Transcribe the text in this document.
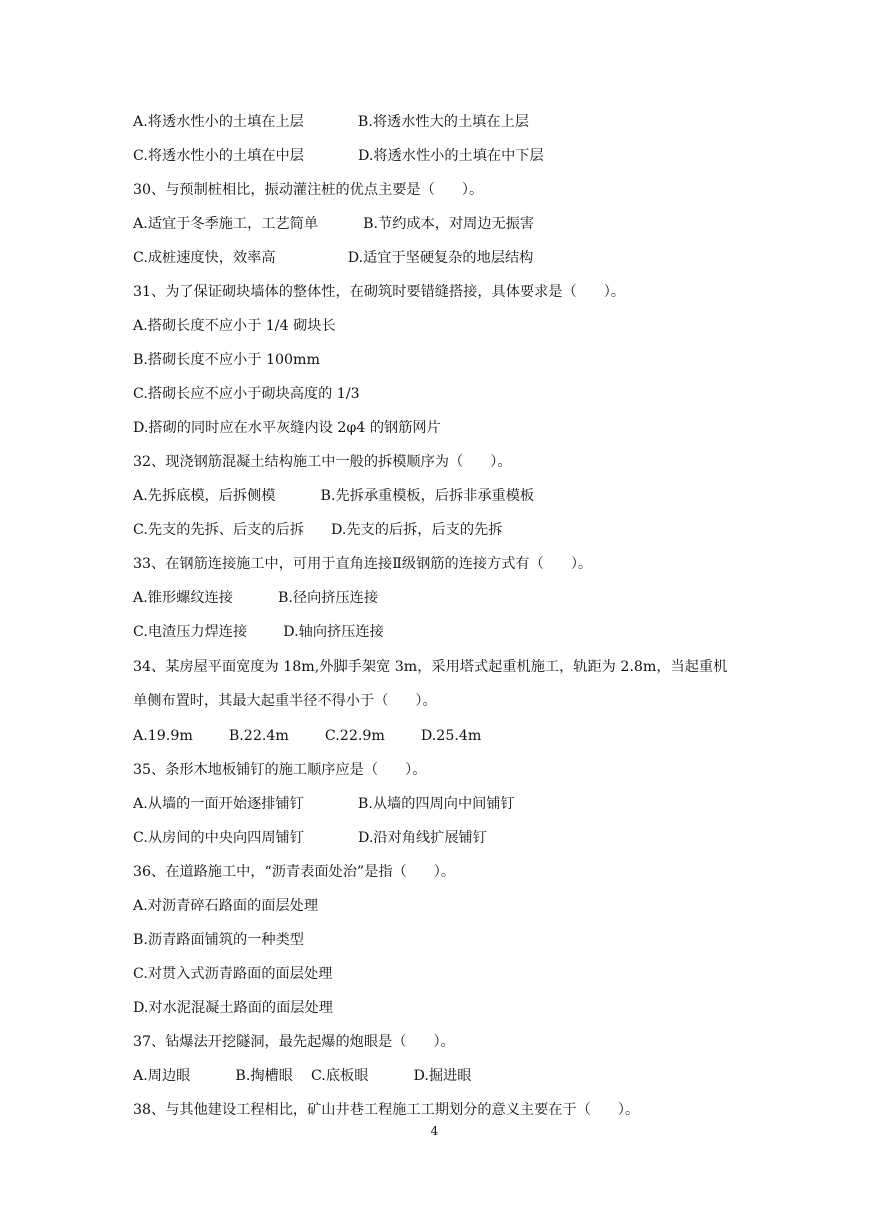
A.将透水性小的土填在上层            B.将透水性大的土填在上层

C.将透水性小的土填在中层            D.将透水性小的土填在中下层

30、与预制桩相比，振动灌注桩的优点主要是（      ）。

A.适宜于冬季施工，工艺简单          B.节约成本，对周边无振害

C.成桩速度快，效率高                D.适宜于坚硬复杂的地层结构

31、为了保证砌块墙体的整体性，在砌筑时要错缝搭接，具体要求是（      ）。

A.搭砌长度不应小于 1/4 砌块长

B.搭砌长度不应小于 100mm

C.搭砌长应不应小于砌块高度的 1/3

D.搭砌的同时应在水平灰缝内设 2φ4 的钢筋网片

32、现浇钢筋混凝土结构施工中一般的拆模顺序为（      ）。

A.先拆底模，后拆侧模          B.先拆承重模板，后拆非承重模板

C.先支的先拆、后支的后拆      D.先支的后拆，后支的先拆

33、在钢筋连接施工中，可用于直角连接Ⅱ级钢筋的连接方式有（      ）。

A.锥形螺纹连接          B.径向挤压连接

C.电渣压力焊连接        D.轴向挤压连接

34、某房屋平面宽度为 18m,外脚手架宽 3m，采用塔式起重机施工，轨距为 2.8m，当起重机

单侧布置时，其最大起重半径不得小于（      ）。

A.19.9m        B.22.4m        C.22.9m        D.25.4m

35、条形木地板铺钉的施工顺序应是（      ）。

A.从墙的一面开始逐排铺钉            B.从墙的四周向中间铺钉

C.从房间的中央向四周铺钉            D.沿对角线扩展铺钉

36、在道路施工中，“沥青表面处治”是指（      ）。

A.对沥青碎石路面的面层处理

B.沥青路面铺筑的一种类型

C.对贯入式沥青路面的面层处理

D.对水泥混凝土路面的面层处理

37、钻爆法开挖隧洞，最先起爆的炮眼是（      ）。

A.周边眼          B.掏槽眼    C.底板眼          D.掘进眼

38、与其他建设工程相比，矿山井巷工程施工工期划分的意义主要在于（      ）。

4
